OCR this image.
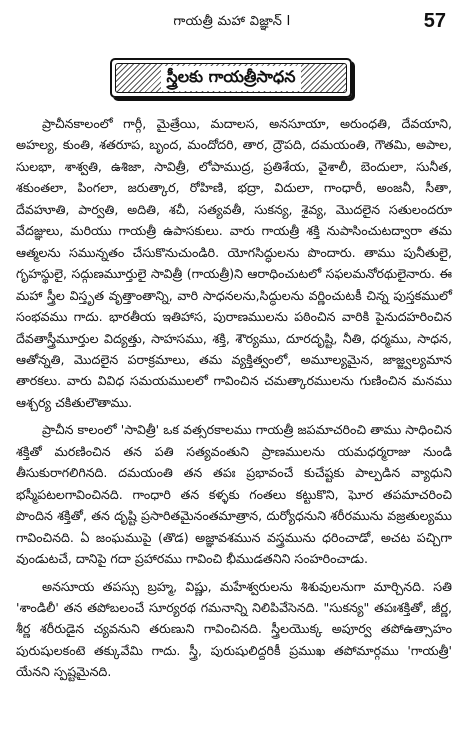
గాయత్రీ మహా విజ్ఞాన్ I	57
స్త్రీలకు గాయత్రీసాధన

ప్రాచీనకాలంలో గార్గీ, మైత్రేయి, మదాలస, అనసూయా, అరుంధతి, దేవయాని, అహల్య, కుంతి, శతరూప, బృంద, మందోదరి, తార, ద్రౌపది, దమయంతి, గౌతమి, అపాల, సులభా, శాశ్వతి, ఉశిజా, సావిత్రీ, లోపాముద్ర, ప్రతిశేయ, వైశాలీ, బెందులా, సునీత, శకుంతలా, పింగలా, జరుత్కార, రోహిణి, భద్రా, విదులా, గాంధారీ, అంజనీ, సీతా, దేవహూతి, పార్వతి, అదితి, శచీ, సత్యవతీ, సుకన్య, శైవ్య, మొదలైన సతులందరూ వేదజ్ఞులు, మరియు గాయత్రీ ఉపాసకులు. వారు గాయత్రీ శక్తి నుపాసించుటద్వారా తమ ఆత్మలను సమున్నతం చేసుకొనుచుండిరి. యోగసిద్ధులను పొందారు. తాము పునీతులై, గృహస్థులై, సద్గుణమూర్తులై సావిత్రీ (గాయత్రీ)ని ఆరాధించుటలో సఫలమనోరథులైనారు. ఈ మహా స్త్రీల విస్తృత వృత్తాంతాన్ని, వారి సాధనలను,సిద్ధులను వర్ణించుటకీ చిన్న పుస్తకములో సంభవము గాదు. భారతీయ ఇతిహాస, పురాణములను పఠించిన వారికి పైనుదహరించిన దేవతాస్త్రీమూర్తుల విద్యత్తు, సాహసము, శక్తి, శౌర్యము, దూరదృష్టి, నీతి, ధర్మము, సాధన, ఆతోన్నతి, మొదలైన పరాక్రమాలు, తమ వ్యక్తిత్వంలో, అమూల్యమైన, జాజ్జ్వల్యమాన తారకలు. వారు వివిధ సమయములలో గావించిన చమత్కారములను గుణించిన మనము ఆశ్చర్య చకితులౌతాము.

ప్రాచీన కాలంలో 'సావిత్రీ' ఒక వత్సరకాలము గాయత్రీ జపమాచరించి తాము సాధించిన శక్తితో మరణించిన తన పతి సత్యవంతుని ప్రాణములను యమధర్మరాజు నుండి తీసుకురాగలిగినది. దమయంతి తన తపః ప్రభావంచే కుచేష్టకు పాల్పడిన వ్యాధుని భస్మీపటలగావించినది. గాంధారి తన కళ్ళకు గంతలు కట్టుకొని, ఘోర తపమాచరించి పొందిన శక్తితో, తన దృష్టి ప్రసారితమైనంతమాత్రాన, దుర్యోధనుని శరీరమును వజ్రతుల్యము గావించినది. ఏ జంఘముపై (తొడ) అజ్ఞావశమున వస్త్రమును ధరించాడో, అచట పచ్చిగా వుండుటచే, దానిపై గదా ప్రహారము గావించి భీముడతనిని సంహరించాడు.

అనసూయ తపస్సు బ్రహ్మ, విష్ణు, మహేశ్వరులను శిశువులనుగా మార్చినది. సతి 'శాండిలీ' తన తపోబలంచే సూర్యరథ గమనాన్ని నిలిపివేసెనది. "సుకన్య" తపఃశక్తితో, జీర్ణ, శీర్ణ శరీరుడైన చ్యవనుని తరుణుని గావించినది. స్త్రీలయొక్క అపూర్వ తపోఉత్సాహం పురుషులకంటె తక్కువేమి గాదు. స్త్రీ, పురుషులిద్దరికీ ప్రముఖ తపోమార్గము 'గాయత్రీ' యేనని స్పష్టమైనది.
